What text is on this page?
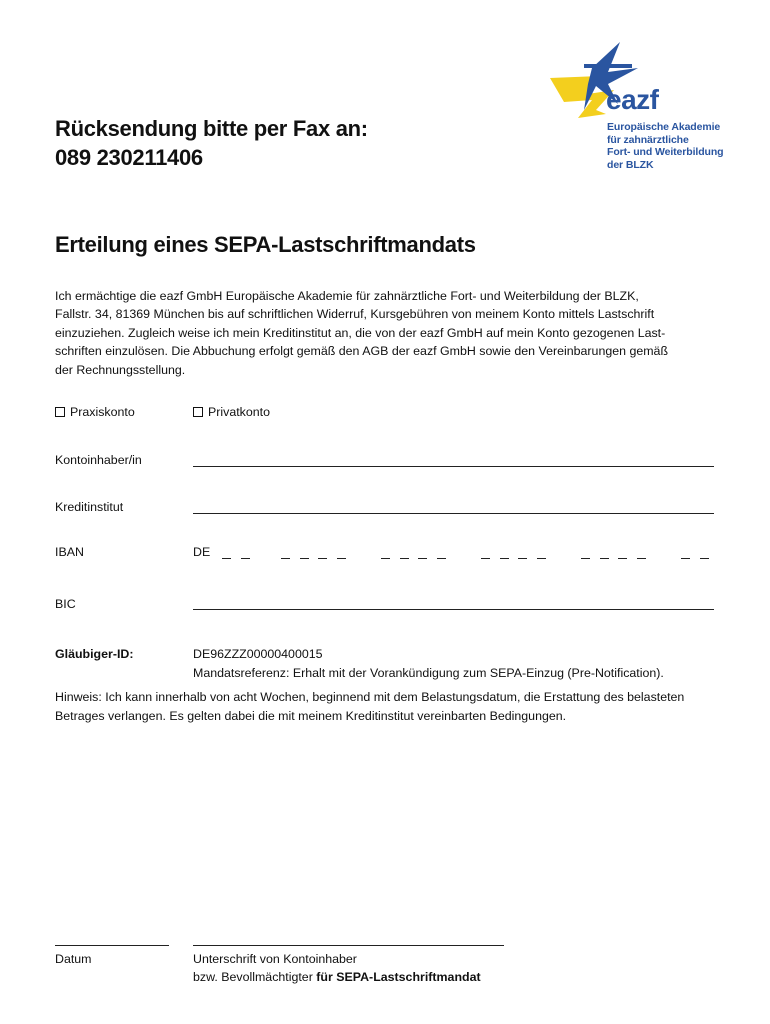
Rücksendung bitte per Fax an:
089 230211406
eazf
Europäische Akademie
für zahnärztliche
Fort- und Weiterbildung
der BLZK
Erteilung eines SEPA-Lastschriftmandats
Ich ermächtige die eazf GmbH Europäische Akademie für zahnärztliche Fort- und Weiterbildung der BLZK,
Fallstr. 34, 81369 München bis auf schriftlichen Widerruf, Kursgebühren von meinem Konto mittels Lastschrift
einzuziehen. Zugleich weise ich mein Kreditinstitut an, die von der eazf GmbH auf mein Konto gezogenen Last-
schriften einzulösen. Die Abbuchung erfolgt gemäß den AGB der eazf GmbH sowie den Vereinbarungen gemäß
der Rechnungsstellung.
Praxiskonto	Privatkonto
Kontoinhaber/in
Kreditinstitut
IBAN	DE
BIC
Gläubiger-ID:	DE96ZZZ00000400015
Mandatsreferenz: Erhalt mit der Vorankündigung zum SEPA-Einzug (Pre-Notification).
Hinweis: Ich kann innerhalb von acht Wochen, beginnend mit dem Belastungsdatum, die Erstattung des belasteten
Betrages verlangen. Es gelten dabei die mit meinem Kreditinstitut vereinbarten Bedingungen.
Datum	Unterschrift von Kontoinhaber
bzw. Bevollmächtigter für SEPA-Lastschriftmandat
